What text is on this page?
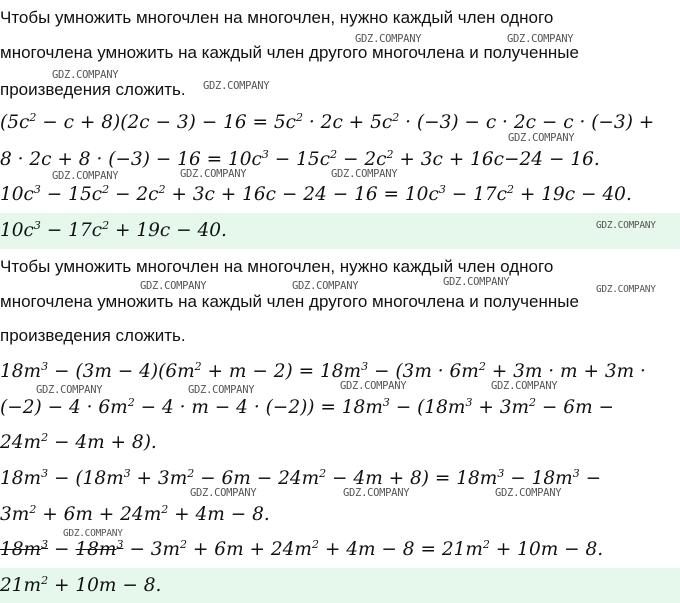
Чтобы умножить многочлен на многочлен, нужно каждый член одного

многочлена умножить на каждый член другого многочлена и полученные

произведения сложить.

$(5c^2 - c + 8)(2c - 3) - 16 = 5c^2 \cdot 2c + 5c^2 \cdot (-3) - c \cdot 2c - c \cdot (-3)$ +
$8 \cdot 2c + 8 \cdot (-3) - 16 = 10c^3 - 15c^2 - 2c^2 + 3c + 16c-24 - 16$.
$10c^3 - 15c^2 - 2c^2 + 3c + 16c - 24 - 16 = 10c^3 - 17c^2 + 19c - 40$.
$10c^3 - 17c^2 + 19c - 40$.

Чтобы умножить многочлен на многочлен, нужно каждый член одного

многочлена умножить на каждый член другого многочлена и полученные

произведения сложить.

$18m^3 - (3m - 4)(6m^2 + m - 2) = 18m^3 - (3m \cdot 6m^2 + 3m \cdot m + 3m$ ·
$(-2) - 4 \cdot 6m^2 - 4 \cdot m - 4 \cdot (-2)) = 18m^3 - (18m^3 + 3m^2 - 6m$ −
$24m^2 - 4m + 8$).
$18m^3 - (18m^3 + 3m^2 - 6m - 24m^2 - 4m + 8) = 18m^3 - 18m^3$ −
$3m^2 + 6m + 24m^2 + 4m - 8$.
$18m^3 - 18m^3 - 3m^2 + 6m + 24m^2 + 4m - 8 = 21m^2 + 10m - 8$.
$21m^2 + 10m - 8$.
GDZ.COMPANY	GDZ.COMPANY
GDZ.COMPANY
GDZ.COMPANY
GDZ.COMPANY
GDZ.COMPANY	GDZ.COMPANY	GDZ.COMPANY
GDZ.COMPANY
GDZ.COMPANY
GDZ.COMPANY	GDZ.COMPANY	GDZ.COMPANY
GDZ.COMPANY	GDZ.COMPANY	GDZ.COMPANY	GDZ.COMPANY
GDZ.COMPANY	GDZ.COMPANY	GDZ.COMPANY
GDZ.COMPANY
